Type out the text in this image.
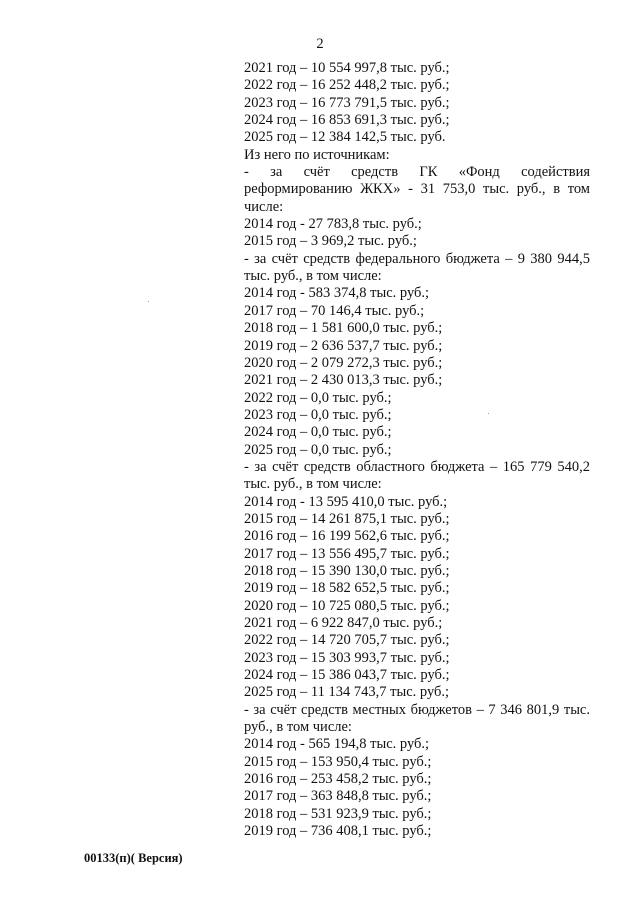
2

2021 год – 10 554 997,8 тыс. руб.;

2022 год – 16 252 448,2 тыс. руб.;

2023 год – 16 773 791,5 тыс. руб.;

2024 год – 16 853 691,3 тыс. руб.;

2025 год – 12 384 142,5 тыс. руб.

Из него по источникам:

- за счёт средств ГК «Фонд содействия

реформированию ЖКХ» - 31 753,0 тыс. руб., в том

числе:

2014 год - 27 783,8 тыс. руб.;

2015 год – 3 969,2 тыс. руб.;

- за счёт средств федерального бюджета – 9 380 944,5

тыс. руб., в том числе:

2014 год - 583 374,8 тыс. руб.;

2017 год – 70 146,4 тыс. руб.;

2018 год – 1 581 600,0 тыс. руб.;

2019 год – 2 636 537,7 тыс. руб.;

2020 год – 2 079 272,3 тыс. руб.;

2021 год – 2 430 013,3 тыс. руб.;

2022 год – 0,0 тыс. руб.;

2023 год – 0,0 тыс. руб.;

2024 год – 0,0 тыс. руб.;

2025 год – 0,0 тыс. руб.;

- за счёт средств областного бюджета – 165 779 540,2

тыс. руб., в том числе:

2014 год - 13 595 410,0 тыс. руб.;

2015 год – 14 261 875,1 тыс. руб.;

2016 год – 16 199 562,6 тыс. руб.;

2017 год – 13 556 495,7 тыс. руб.;

2018 год – 15 390 130,0 тыс. руб.;

2019 год – 18 582 652,5 тыс. руб.;

2020 год – 10 725 080,5 тыс. руб.;

2021 год – 6 922 847,0 тыс. руб.;

2022 год – 14 720 705,7 тыс. руб.;

2023 год – 15 303 993,7 тыс. руб.;

2024 год – 15 386 043,7 тыс. руб.;

2025 год – 11 134 743,7 тыс. руб.;

- за счёт средств местных бюджетов – 7 346 801,9 тыс.

руб., в том числе:

2014 год - 565 194,8 тыс. руб.;

2015 год – 153 950,4 тыс. руб.;

2016 год – 253 458,2 тыс. руб.;

2017 год – 363 848,8 тыс. руб.;

2018 год – 531 923,9 тыс. руб.;

2019 год – 736 408,1 тыс. руб.;

00133(п)( Версия)
